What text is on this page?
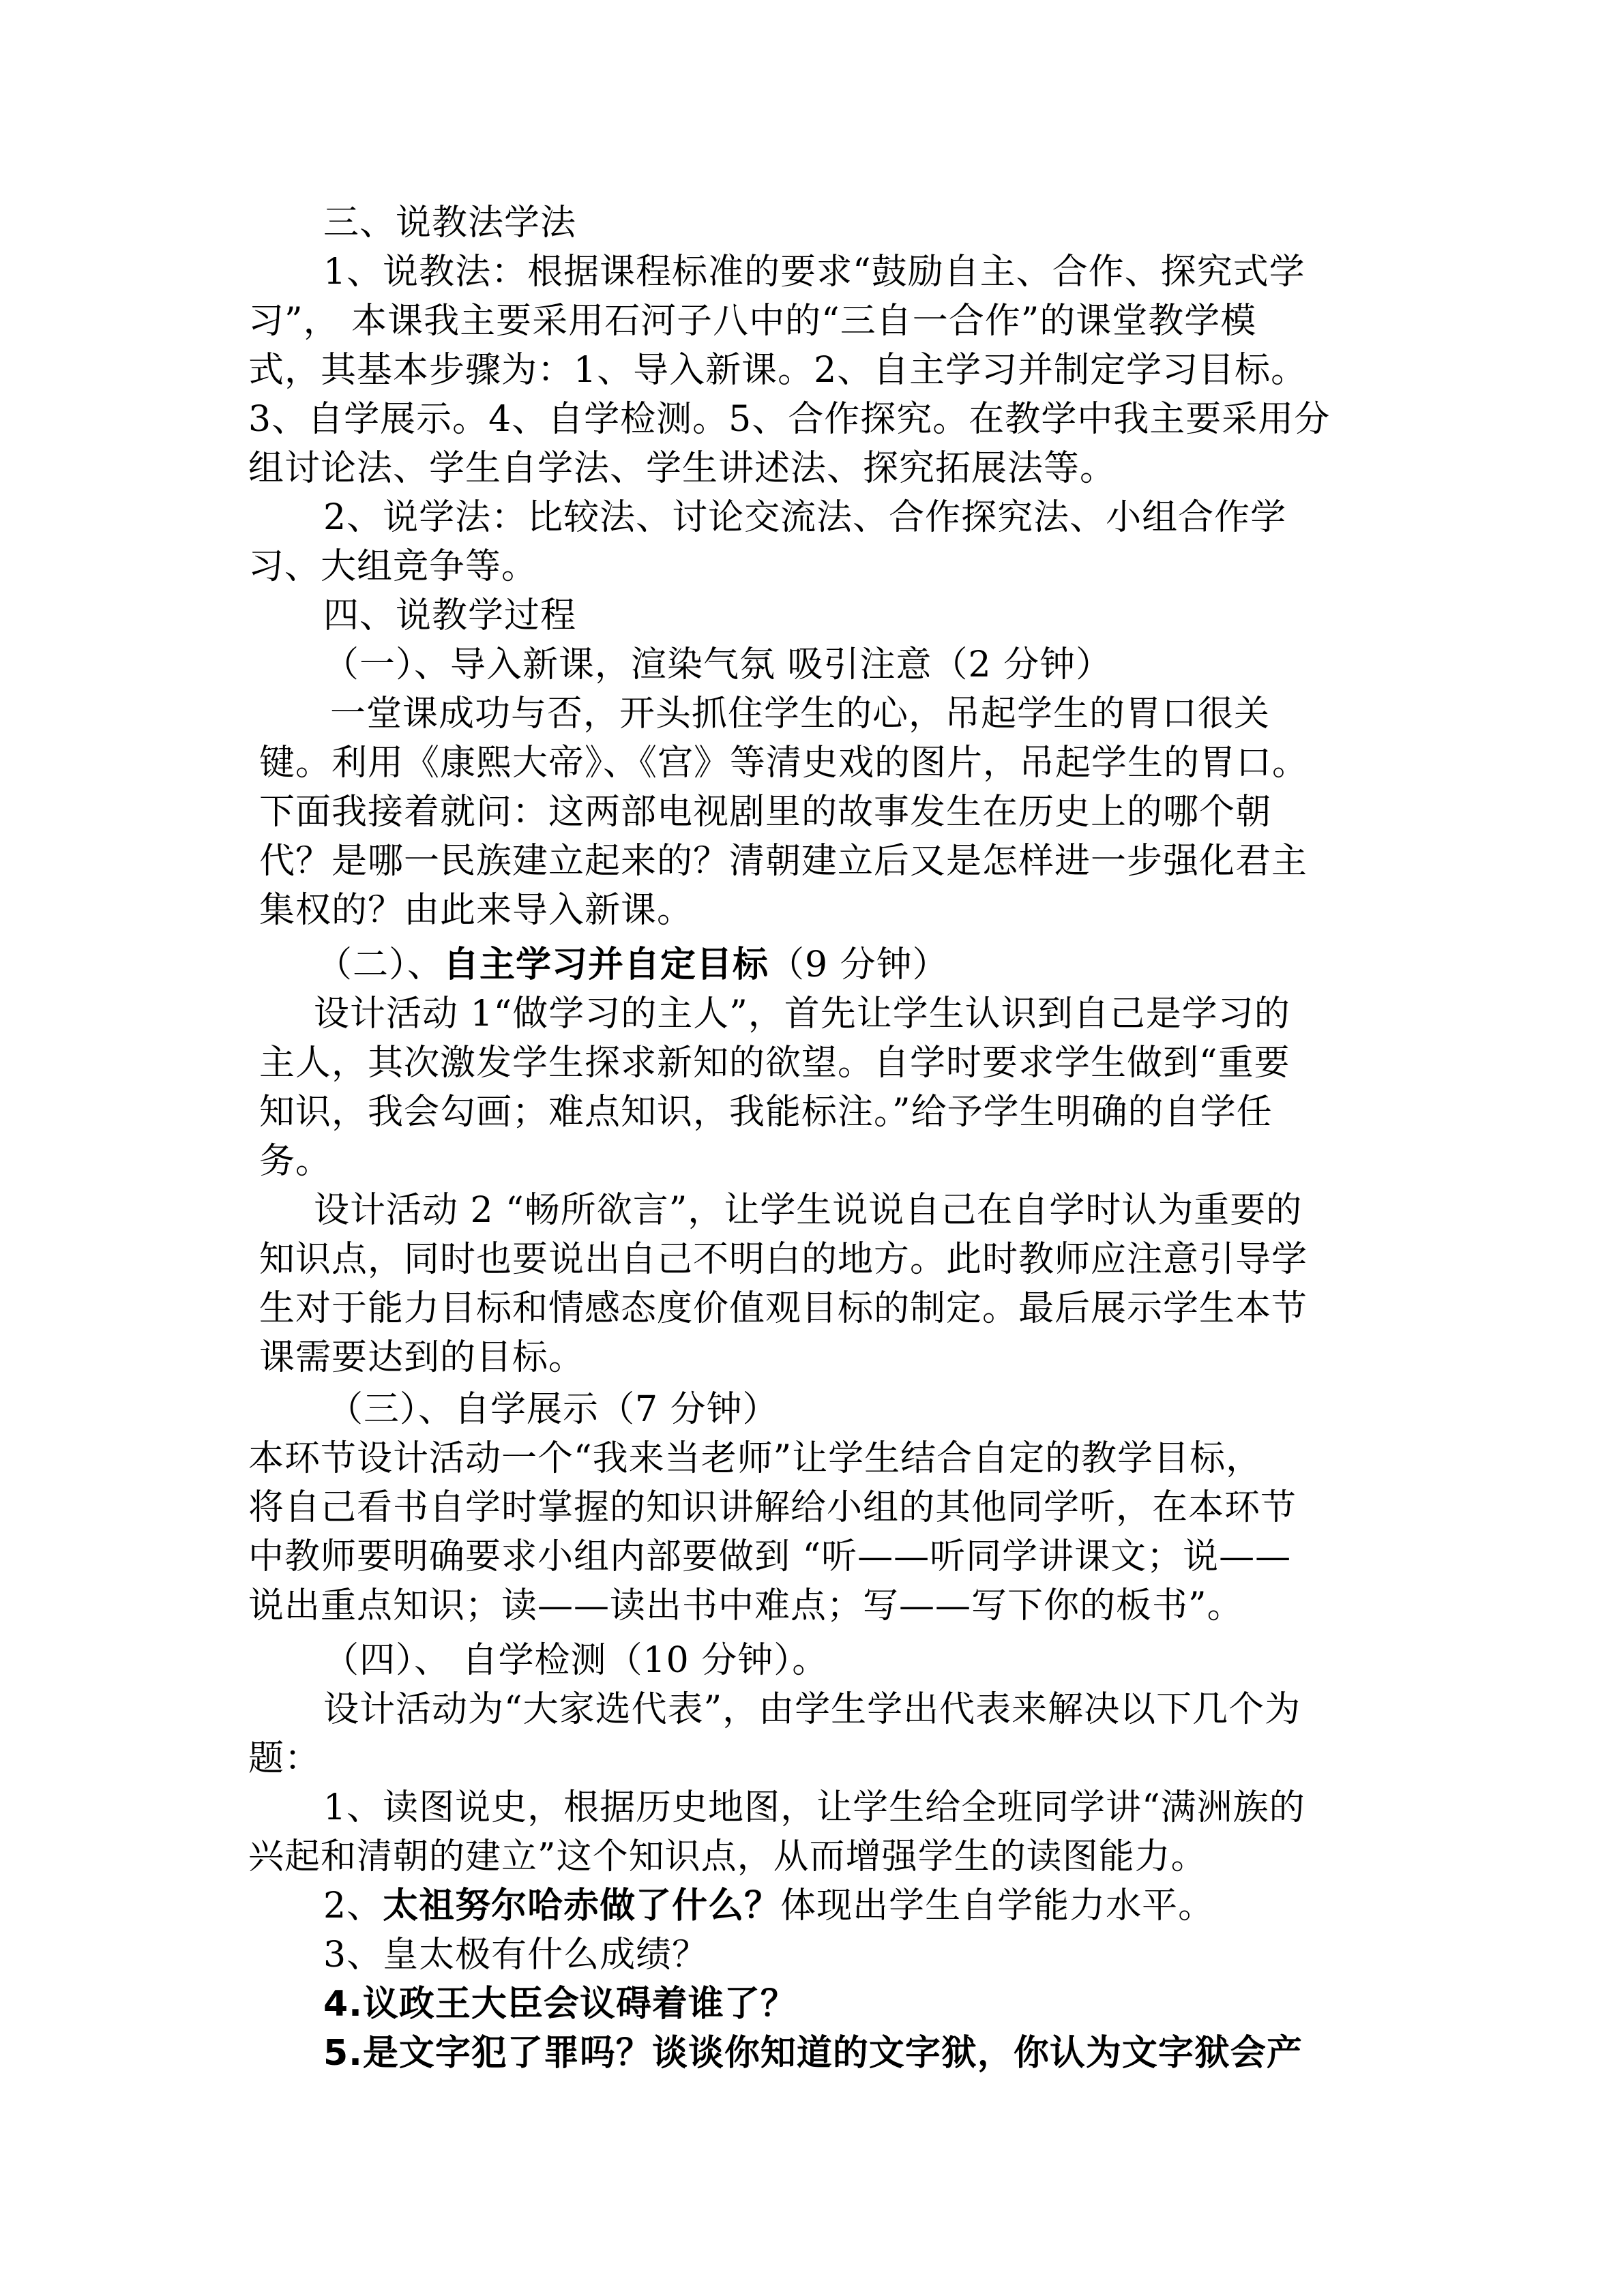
三、说教法学法
1、说教法：根据课程标准的要求“鼓励自主、合作、探究式学
习”， 本课我主要采用石河子八中的“三自一合作”的课堂教学模
式，其基本步骤为：1、导入新课。2、自主学习并制定学习目标。
3、自学展示。4、自学检测。5、合作探究。在教学中我主要采用分
组讨论法、学生自学法、学生讲述法、探究拓展法等。
2、说学法：比较法、讨论交流法、合作探究法、小组合作学
习、大组竞争等。
四、说教学过程
（一）、导入新课，渲染气氛 吸引注意（2 分钟）
一堂课成功与否，开头抓住学生的心，吊起学生的胃口很关
键。利用《康熙大帝》、《宫》等清史戏的图片，吊起学生的胃口。
下面我接着就问：这两部电视剧里的故事发生在历史上的哪个朝
代？是哪一民族建立起来的？清朝建立后又是怎样进一步强化君主
集权的？由此来导入新课。
（二）、自主学习并自定目标（9 分钟）
设计活动 1“做学习的主人”，首先让学生认识到自己是学习的
主人，其次激发学生探求新知的欲望。自学时要求学生做到“重要
知识，我会勾画；难点知识，我能标注。”给予学生明确的自学任
务。
设计活动 2 “畅所欲言”，让学生说说自己在自学时认为重要的
知识点，同时也要说出自己不明白的地方。此时教师应注意引导学
生对于能力目标和情感态度价值观目标的制定。最后展示学生本节
课需要达到的目标。
（三）、自学展示（7 分钟）
本环节设计活动一个“我来当老师”让学生结合自定的教学目标，
将自己看书自学时掌握的知识讲解给小组的其他同学听，在本环节
中教师要明确要求小组内部要做到 “听——听同学讲课文；说——
说出重点知识；读——读出书中难点；写——写下你的板书”。
（四）、 自学检测（10 分钟）。
设计活动为“大家选代表”，由学生学出代表来解决以下几个为
题：
1、读图说史，根据历史地图，让学生给全班同学讲“满洲族的
兴起和清朝的建立”这个知识点，从而增强学生的读图能力。
2、太祖努尔哈赤做了什么？体现出学生自学能力水平。
3、皇太极有什么成绩？
4.议政王大臣会议碍着谁了？
5.是文字犯了罪吗？谈谈你知道的文字狱，你认为文字狱会产
